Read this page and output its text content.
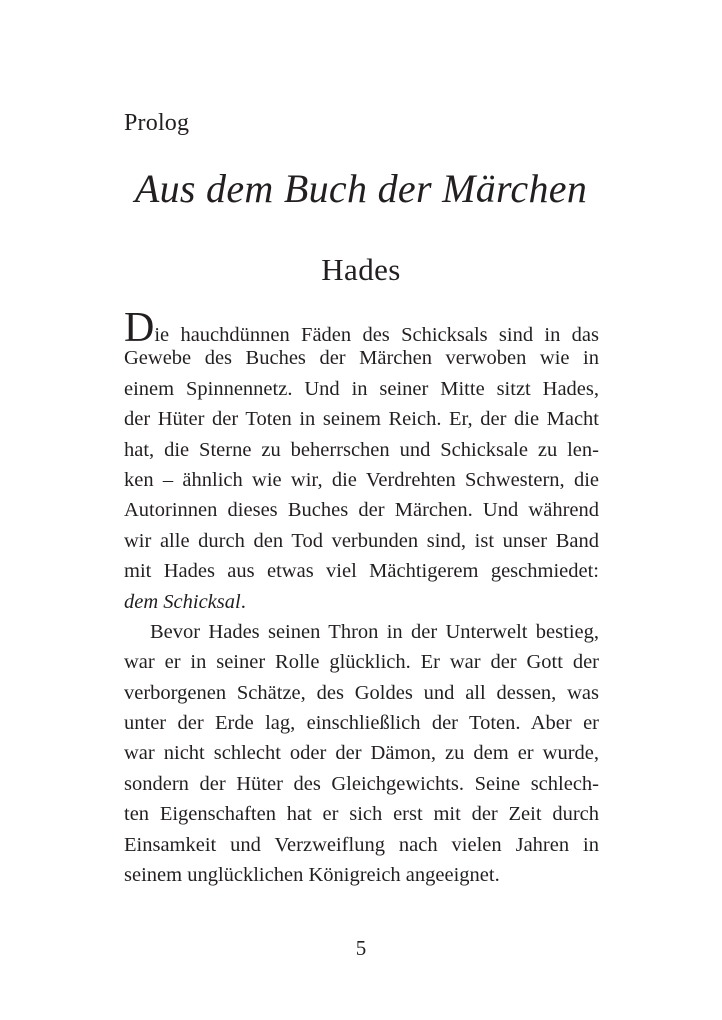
Prolog
Aus dem Buch der Märchen
Hades
Die hauchdünnen Fäden des Schicksals sind in das
Gewebe des Buches der Märchen verwoben wie in
einem Spinnennetz. Und in seiner Mitte sitzt Hades,
der Hüter der Toten in seinem Reich. Er, der die Macht
hat, die Sterne zu beherrschen und Schicksale zu len-
ken – ähnlich wie wir, die Verdrehten Schwestern, die
Autorinnen dieses Buches der Märchen. Und während
wir alle durch den Tod verbunden sind, ist unser Band
mit Hades aus etwas viel Mächtigerem geschmiedet:
dem Schicksal.
Bevor Hades seinen Thron in der Unterwelt bestieg,
war er in seiner Rolle glücklich. Er war der Gott der
verborgenen Schätze, des Goldes und all dessen, was
unter der Erde lag, einschließlich der Toten. Aber er
war nicht schlecht oder der Dämon, zu dem er wurde,
sondern der Hüter des Gleichgewichts. Seine schlech-
ten Eigenschaften hat er sich erst mit der Zeit durch
Einsamkeit und Verzweiflung nach vielen Jahren in
seinem unglücklichen Königreich angeeignet.
5
